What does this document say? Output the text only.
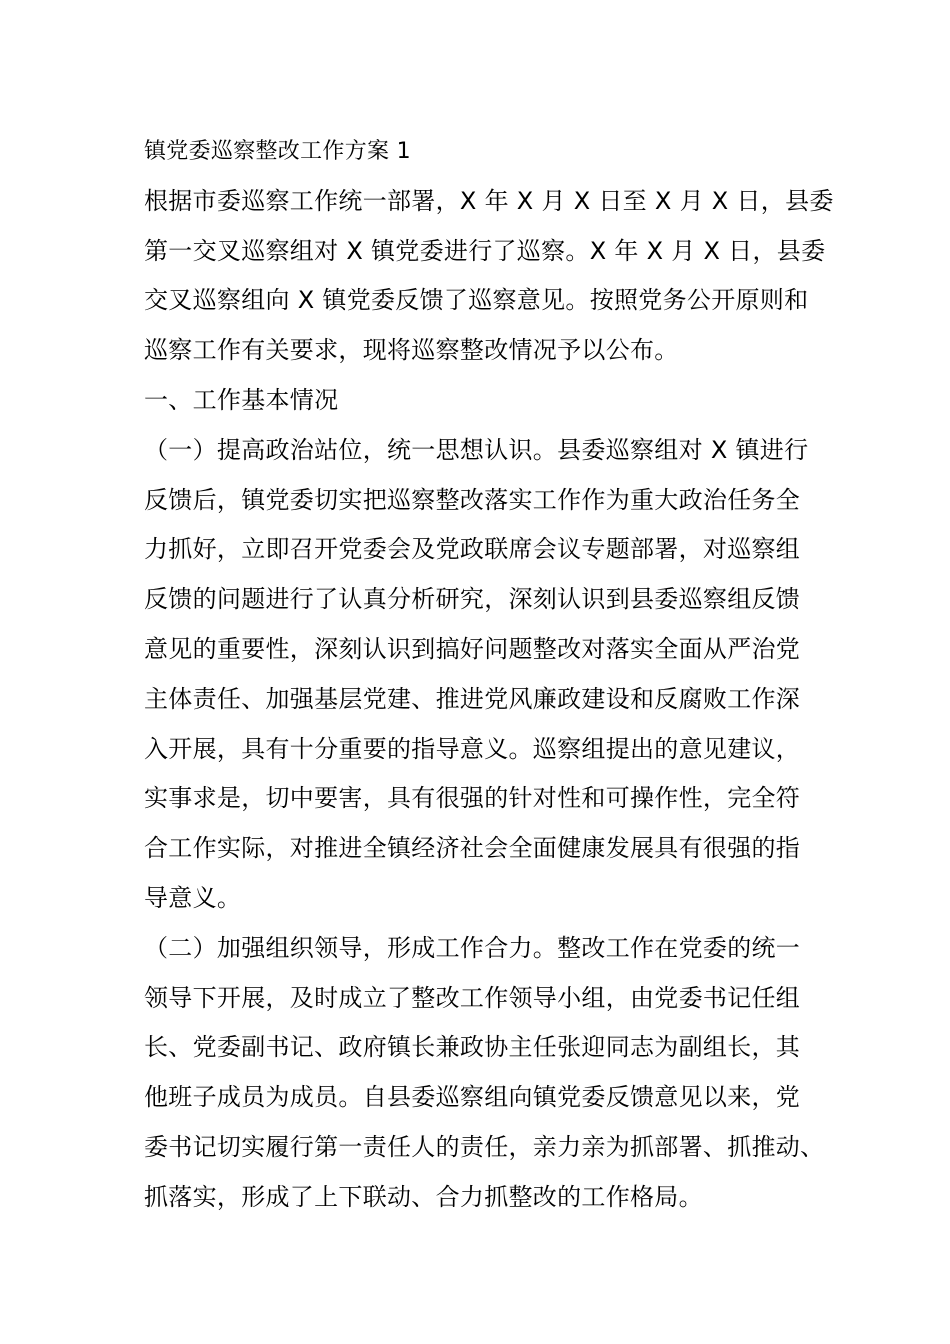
镇党委巡察整改工作方案 1
根据市委巡察工作统一部署，X 年 X 月 X 日至 X 月 X 日，县委
第一交叉巡察组对 X 镇党委进行了巡察。X 年 X 月 X 日，县委
交叉巡察组向 X 镇党委反馈了巡察意见。按照党务公开原则和
巡察工作有关要求，现将巡察整改情况予以公布。
一、工作基本情况
（一）提高政治站位，统一思想认识。县委巡察组对 X 镇进行
反馈后，镇党委切实把巡察整改落实工作作为重大政治任务全
力抓好，立即召开党委会及党政联席会议专题部署，对巡察组
反馈的问题进行了认真分析研究，深刻认识到县委巡察组反馈
意见的重要性，深刻认识到搞好问题整改对落实全面从严治党
主体责任、加强基层党建、推进党风廉政建设和反腐败工作深
入开展，具有十分重要的指导意义。巡察组提出的意见建议，
实事求是，切中要害，具有很强的针对性和可操作性，完全符
合工作实际，对推进全镇经济社会全面健康发展具有很强的指
导意义。
（二）加强组织领导，形成工作合力。整改工作在党委的统一
领导下开展，及时成立了整改工作领导小组，由党委书记任组
长、党委副书记、政府镇长兼政协主任张迎同志为副组长，其
他班子成员为成员。自县委巡察组向镇党委反馈意见以来，党
委书记切实履行第一责任人的责任，亲力亲为抓部署、抓推动、
抓落实，形成了上下联动、合力抓整改的工作格局。
